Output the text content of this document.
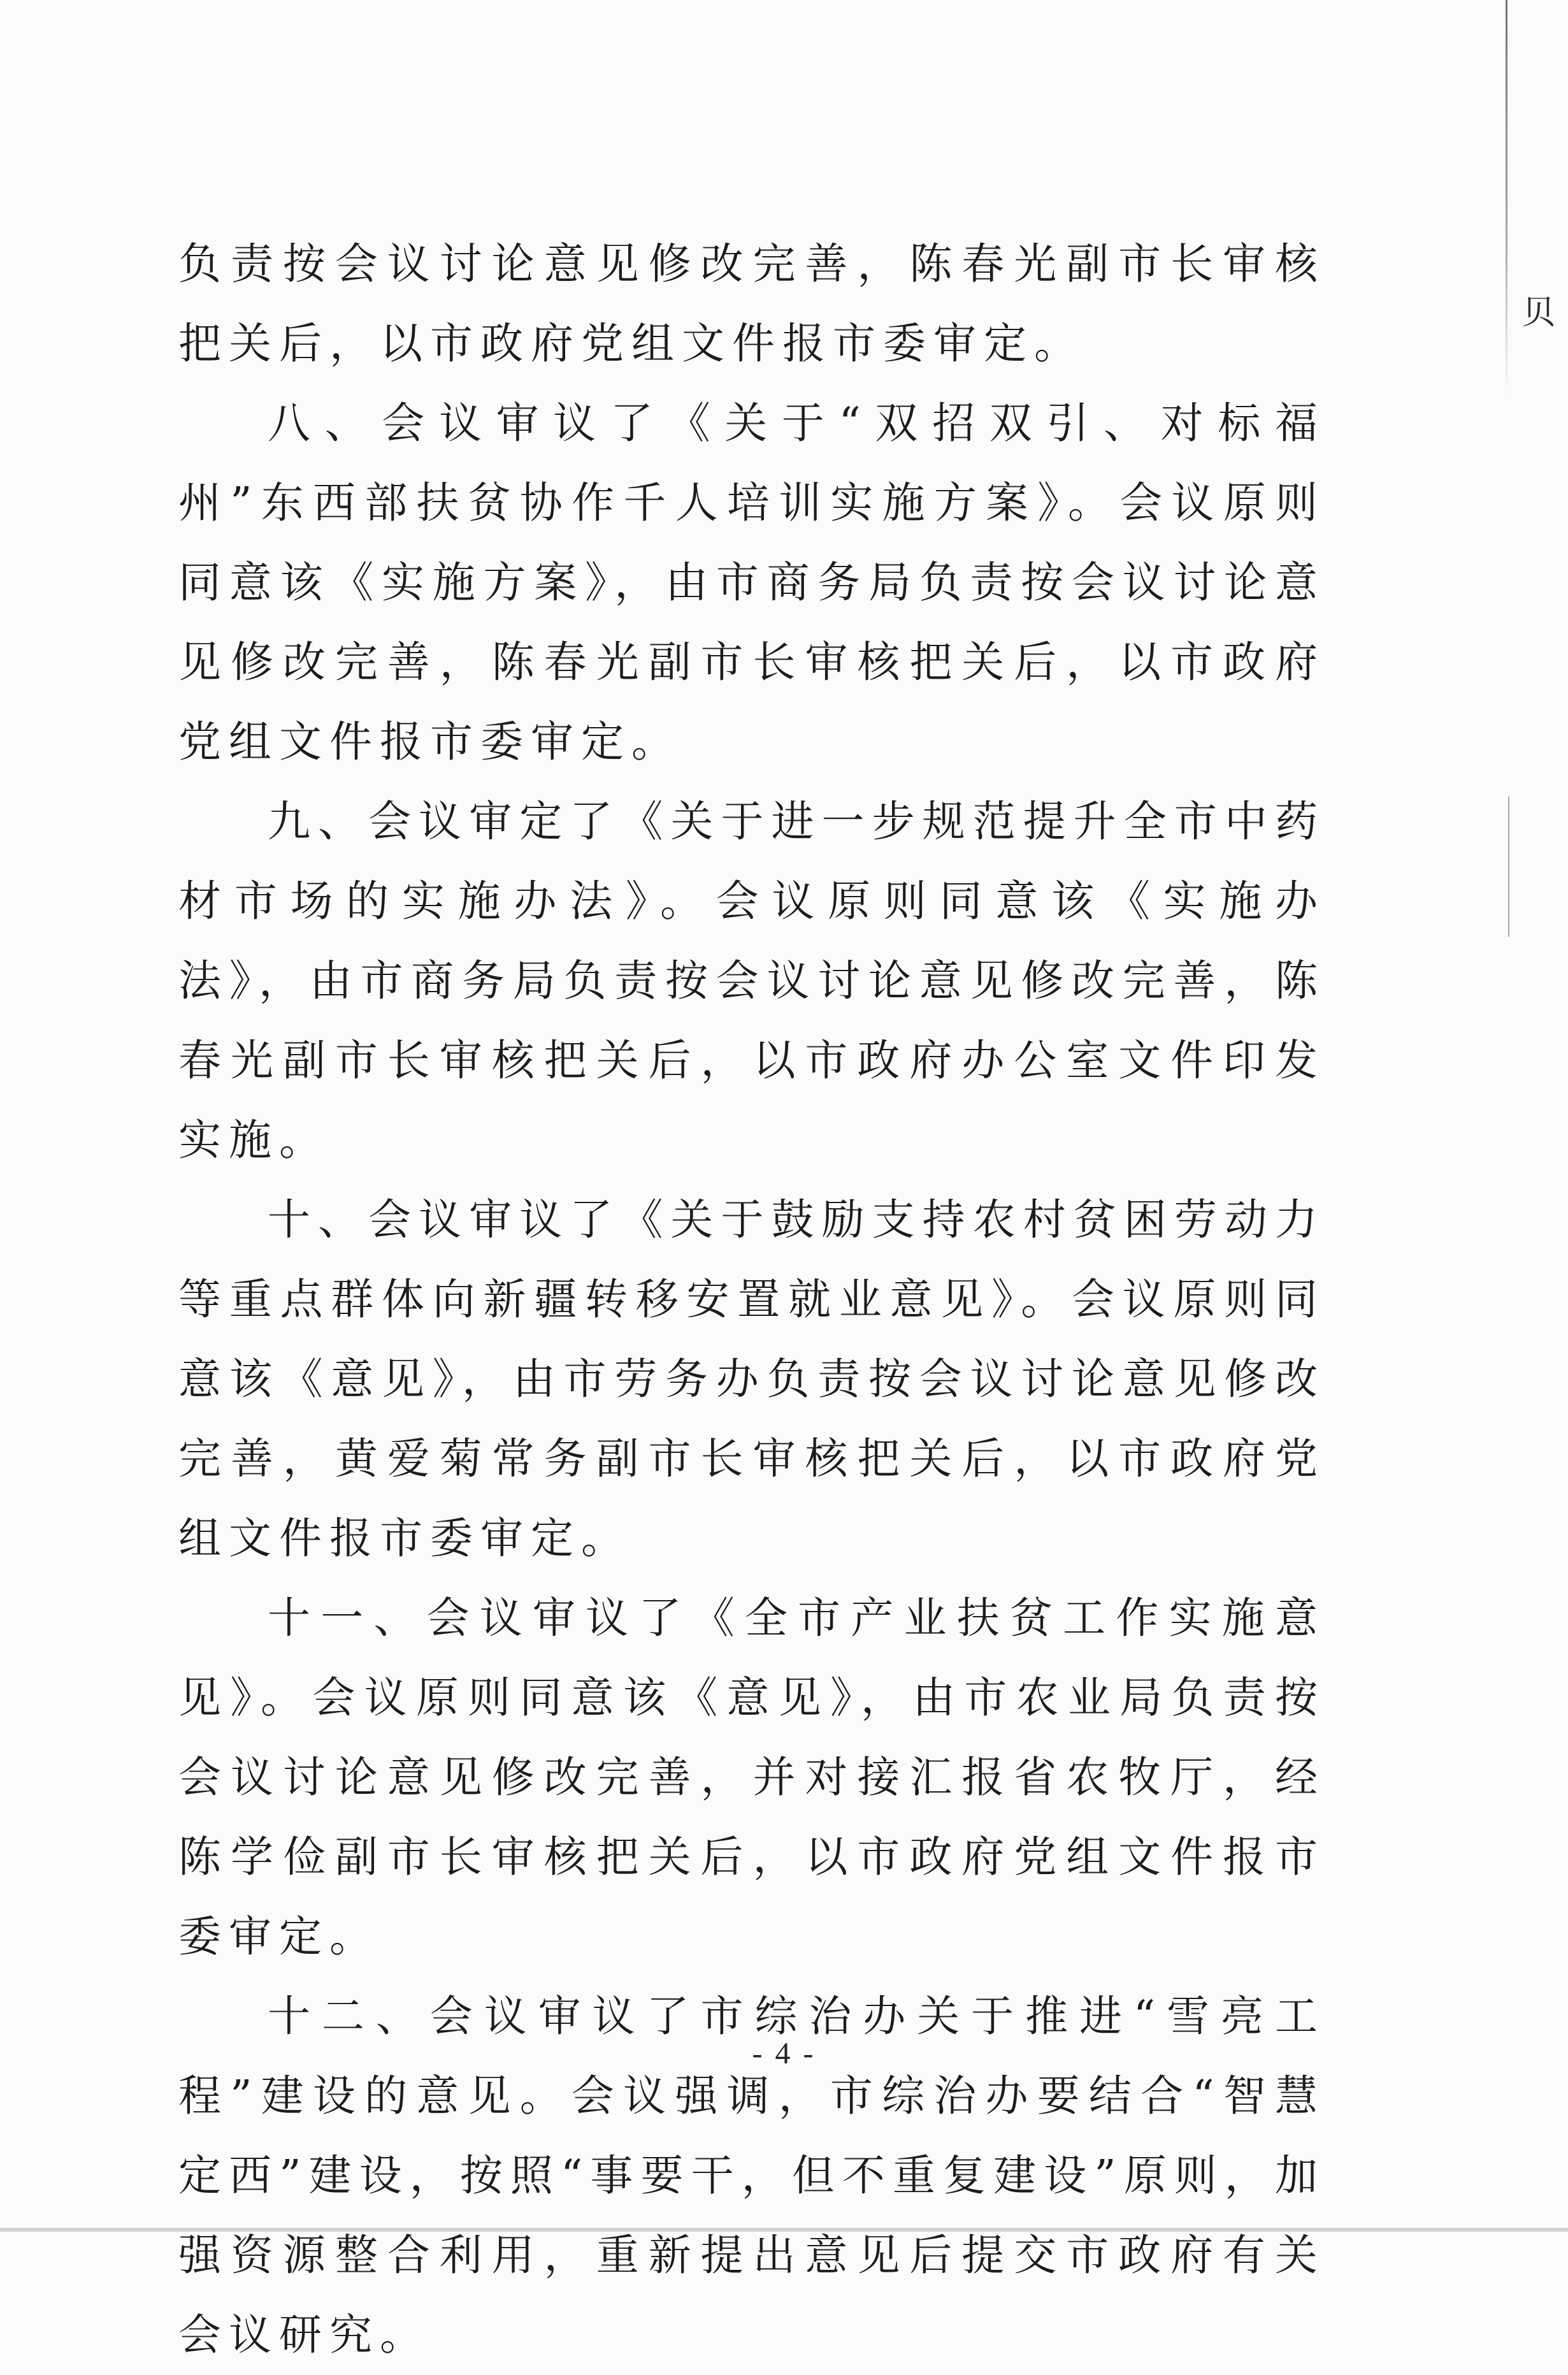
贝

负责按会议讨论意见修改完善，陈春光副市长审核把关后，以市政府党组文件报市委审定。

八、会议审议了《关于“双招双引、对标福州”东西部扶贫协作千人培训实施方案》。会议原则同意该《实施方案》，由市商务局负责按会议讨论意见修改完善，陈春光副市长审核把关后，以市政府党组文件报市委审定。

九、会议审定了《关于进一步规范提升全市中药材市场的实施办法》。会议原则同意该《实施办法》，由市商务局负责按会议讨论意见修改完善，陈春光副市长审核把关后，以市政府办公室文件印发实施。

十、会议审议了《关于鼓励支持农村贫困劳动力等重点群体向新疆转移安置就业意见》。会议原则同意该《意见》，由市劳务办负责按会议讨论意见修改完善，黄爱菊常务副市长审核把关后，以市政府党组文件报市委审定。

十一、会议审议了《全市产业扶贫工作实施意见》。会议原则同意该《意见》，由市农业局负责按会议讨论意见修改完善，并对接汇报省农牧厅，经陈学俭副市长审核把关后，以市政府党组文件报市委审定。

十二、会议审议了市综治办关于推进“雪亮工程”建设的意见。会议强调，市综治办要结合“智慧定西”建设，按照“事要干，但不重复建设”原则，加强资源整合利用，重新提出意见后提交市政府有关会议研究。

- 4 -
